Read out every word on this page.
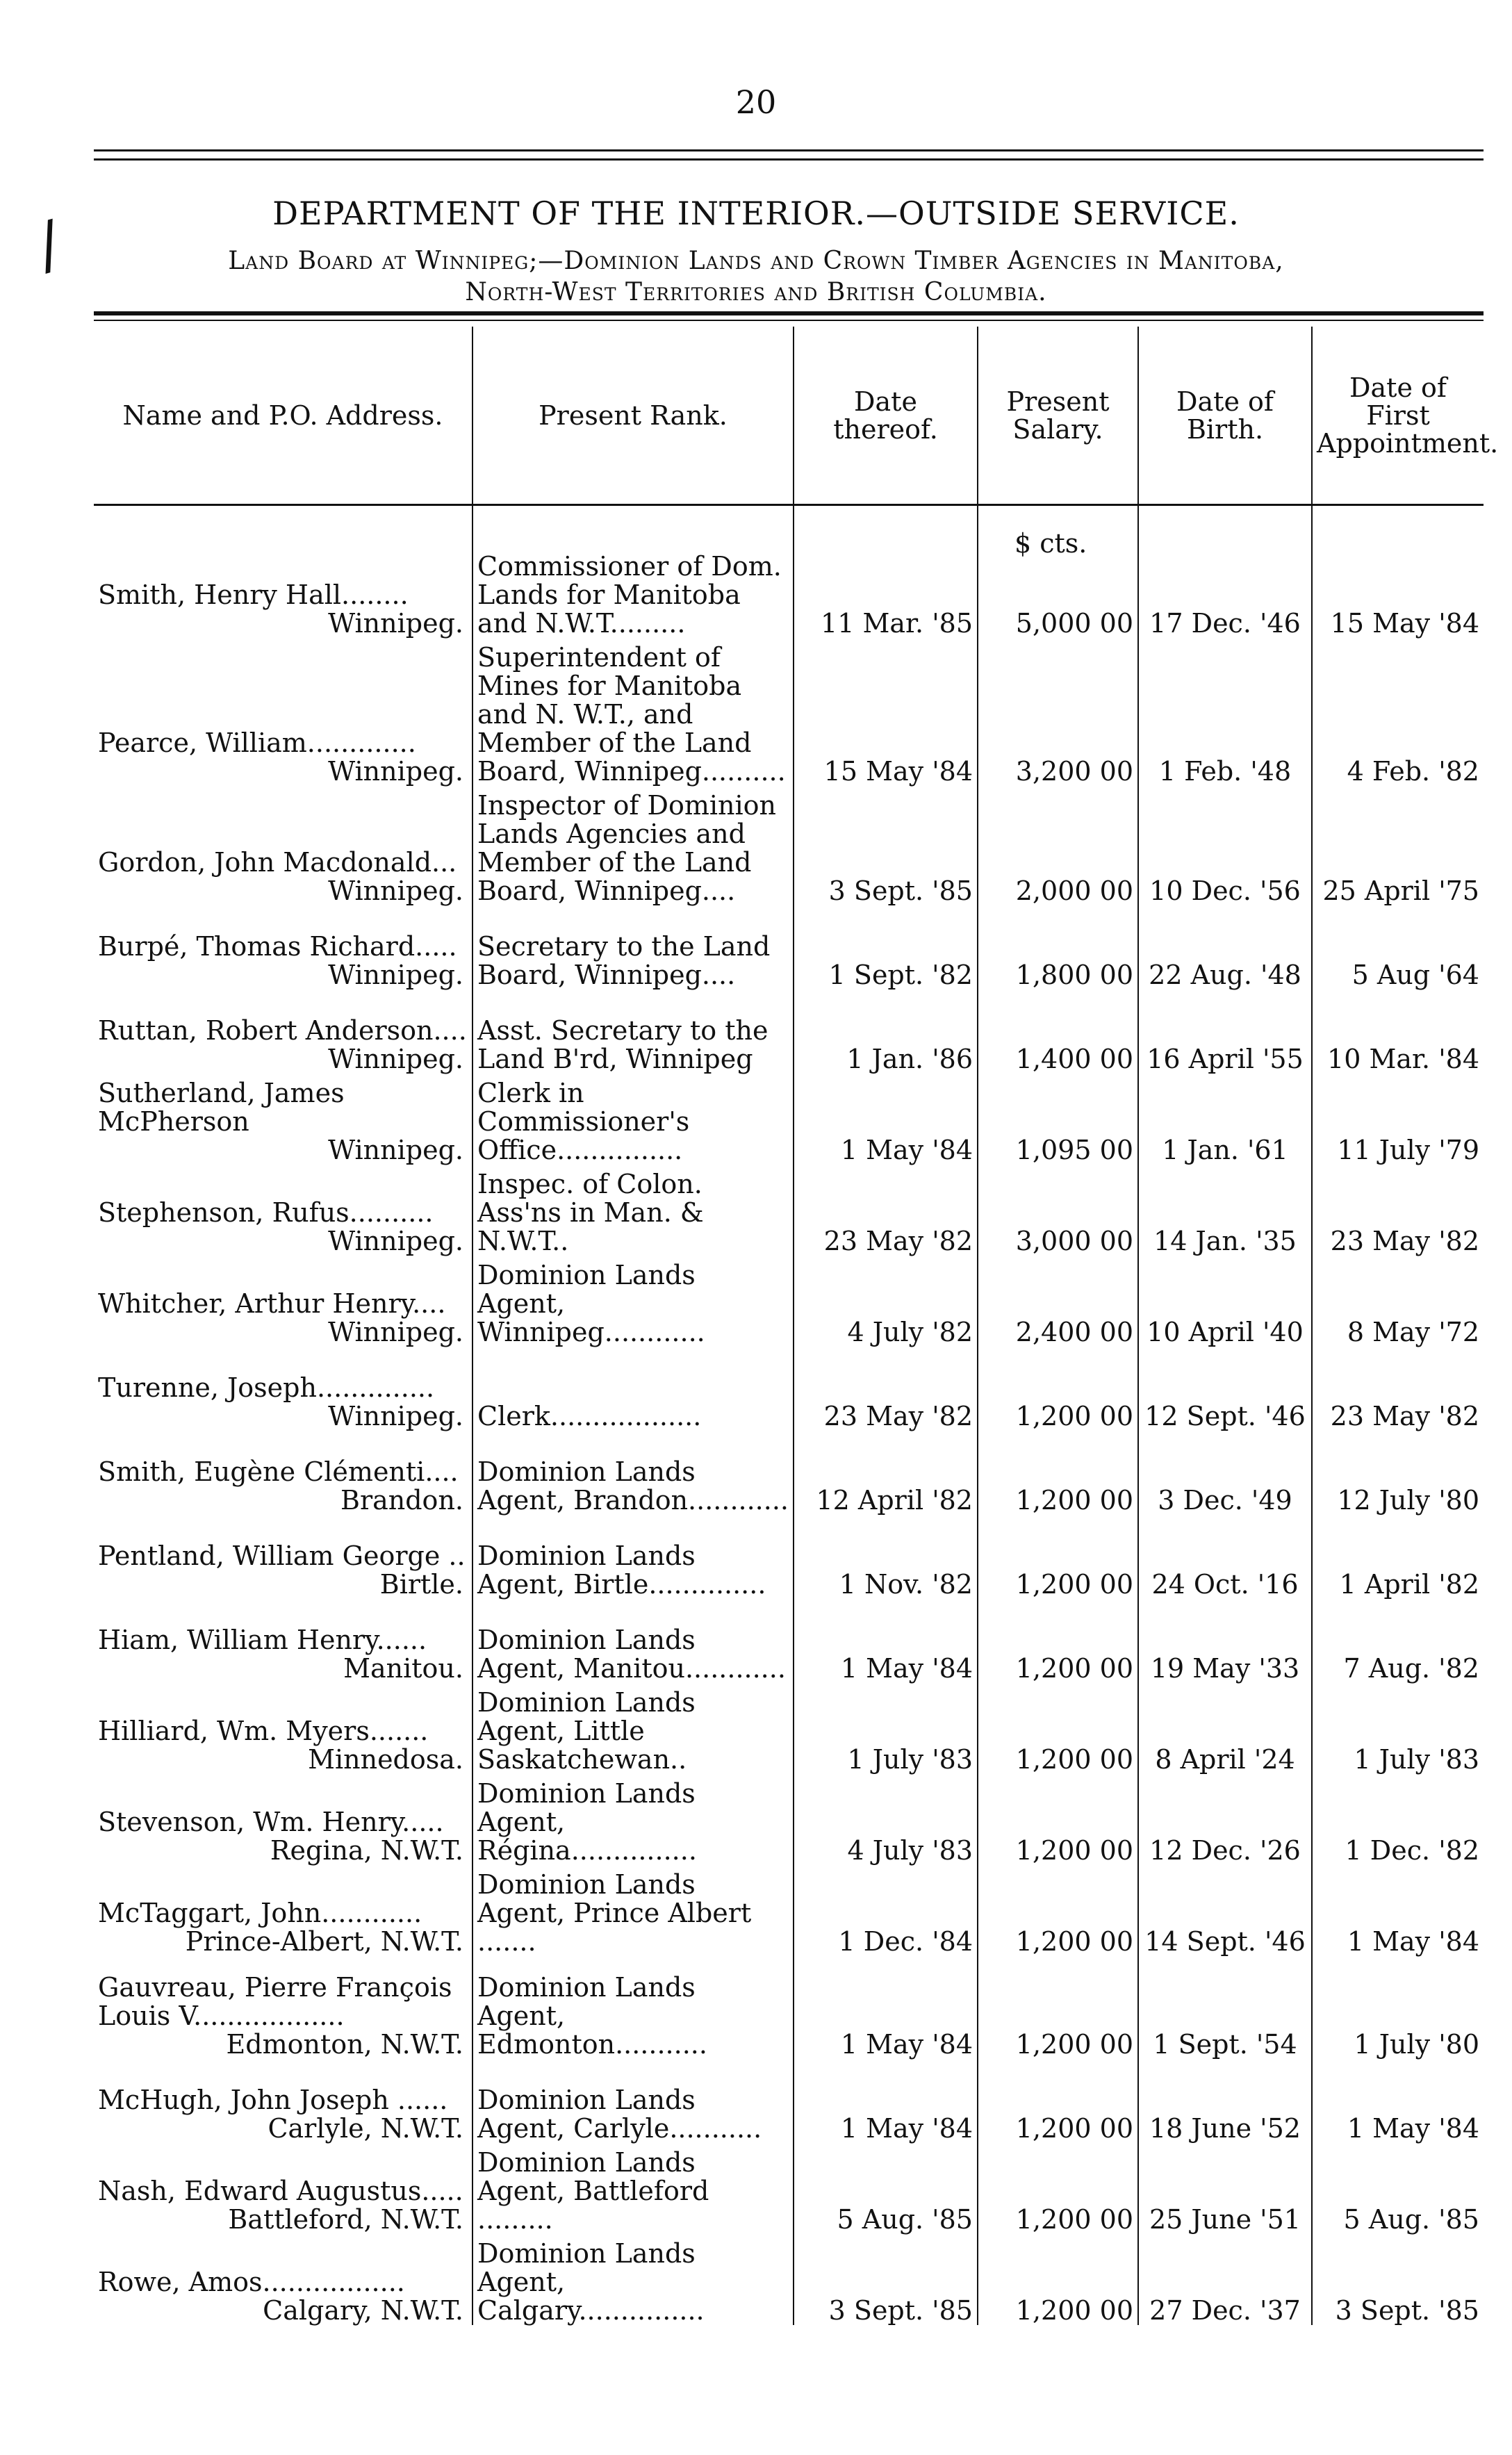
20
/	DEPARTMENT OF THE INTERIOR.—OUTSIDE SERVICE.
Land Board at Winnipeg;—Dominion Lands and Crown Timber Agencies in Manitoba,
North-West Territories and British Columbia.
$ cts.
Name and P.O. Address.	Present Rank.	Date thereof.	Present Salary.	Date of Birth.	Date of First Appointment.

Smith, Henry Hall........
Winnipeg.	Commissioner of Dom. Lands for Manitoba and N.W.T.........	11 Mar. '85	5,000 00	17 Dec. '46	15 May '84

Pearce, William.............
Winnipeg.	Superintendent of Mines for Manitoba and N. W.T., and Member of the Land Board, Winnipeg..........	15 May '84	3,200 00	1 Feb. '48	4 Feb. '82

Gordon, John Macdonald...
Winnipeg.	Inspector of Dominion Lands Agencies and Member of the Land Board, Winnipeg....	3 Sept. '85	2,000 00	10 Dec. '56	25 April '75

Burpé, Thomas Richard.....
Winnipeg.	Secretary to the Land Board, Winnipeg....	1 Sept. '82	1,800 00	22 Aug. '48	5 Aug '64

Ruttan, Robert Anderson....
Winnipeg.	Asst. Secretary to the Land B'rd, Winnipeg	1 Jan. '86	1,400 00	16 April '55	10 Mar. '84

Sutherland, James McPherson
Winnipeg.	Clerk in Commissioner's Office...............	1 May '84	1,095 00	1 Jan. '61	11 July '79

Stephenson, Rufus..........
Winnipeg.	Inspec. of Colon. Ass'ns in Man. & N.W.T..	23 May '82	3,000 00	14 Jan. '35	23 May '82

Whitcher, Arthur Henry....
Winnipeg.	Dominion Lands Agent, Winnipeg............	4 July '82	2,400 00	10 April '40	8 May '72

Turenne, Joseph..............
Winnipeg.	Clerk..................	23 May '82	1,200 00	12 Sept. '46	23 May '82

Smith, Eugène Clémenti....
Brandon.	Dominion Lands Agent, Brandon............	12 April '82	1,200 00	3 Dec. '49	12 July '80

Pentland, William George ..
Birtle.	Dominion Lands Agent, Birtle..............	1 Nov. '82	1,200 00	24 Oct. '16	1 April '82

Hiam, William Henry......
Manitou.	Dominion Lands Agent, Manitou............	1 May '84	1,200 00	19 May '33	7 Aug. '82

Hilliard, Wm. Myers.......
Minnedosa.	Dominion Lands Agent, Little Saskatchewan..	1 July '83	1,200 00	8 April '24	1 July '83

Stevenson, Wm. Henry.....
Regina, N.W.T.	Dominion Lands Agent, Régina...............	4 July '83	1,200 00	12 Dec. '26	1 Dec. '82

McTaggart, John............
Prince-Albert, N.W.T.	Dominion Lands Agent, Prince Albert .......	1 Dec. '84	1,200 00	14 Sept. '46	1 May '84

Gauvreau, Pierre François Louis V..................
Edmonton, N.W.T.	Dominion Lands Agent, Edmonton...........	1 May '84	1,200 00	1 Sept. '54	1 July '80

McHugh, John Joseph ......
Carlyle, N.W.T.	Dominion Lands Agent, Carlyle...........	1 May '84	1,200 00	18 June '52	1 May '84

Nash, Edward Augustus.....
Battleford, N.W.T.	Dominion Lands Agent, Battleford .........	5 Aug. '85	1,200 00	25 June '51	5 Aug. '85

Rowe, Amos.................
Calgary, N.W.T.	Dominion Lands Agent, Calgary...............	3 Sept. '85	1,200 00	27 Dec. '37	3 Sept. '85
